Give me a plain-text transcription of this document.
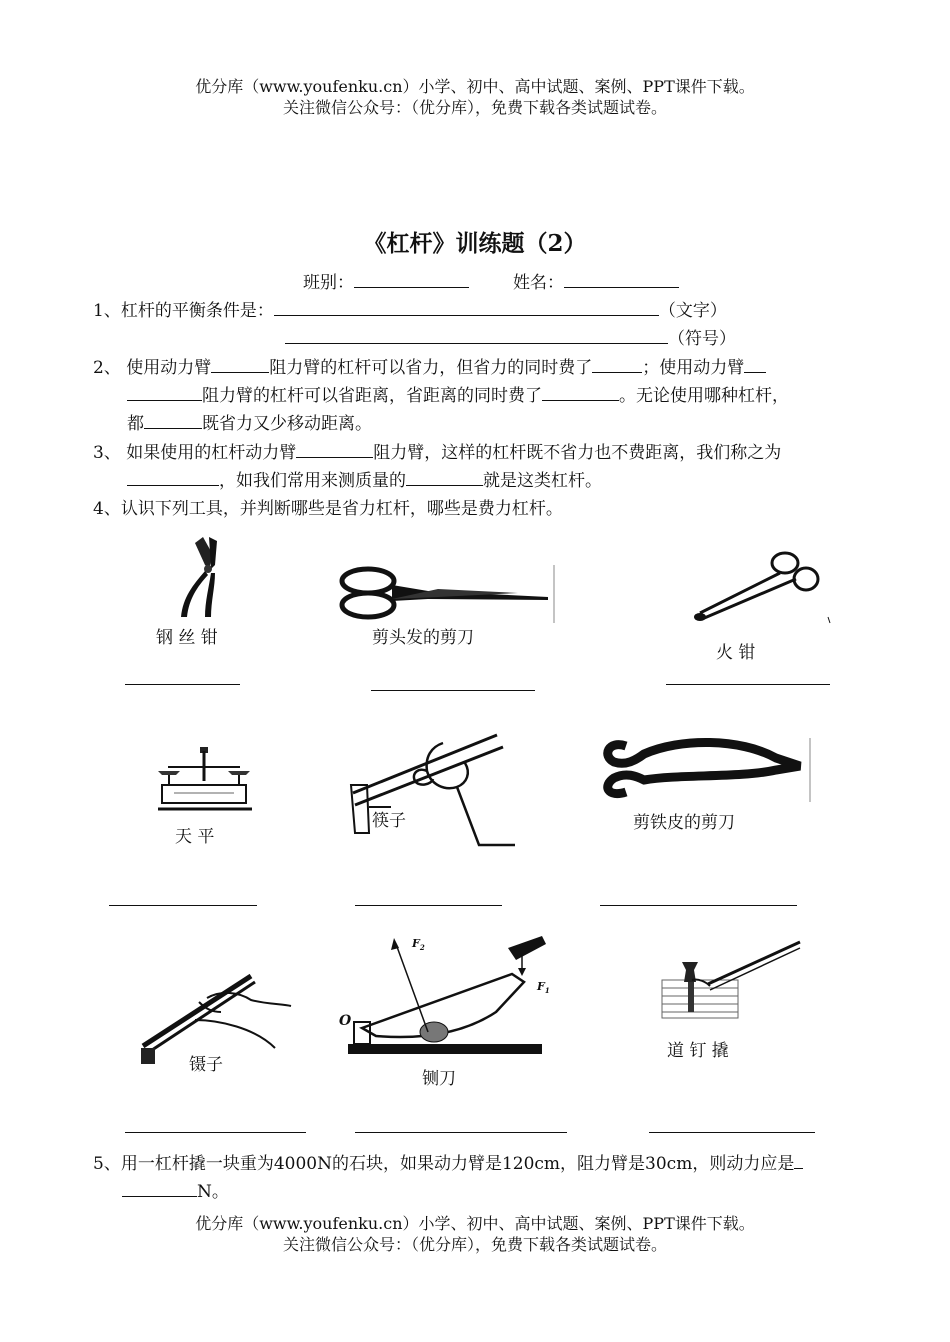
优分库（www.youfenku.cn）小学、初中、高中试题、案例、PPT课件下载。
关注微信公众号：（优分库），免费下载各类试题试卷。
《杠杆》训练题（2）
班别：	姓名：
1、杠杆的平衡条件是：	（文字）
（符号）
2、 使用动力臂	阻力臂的杠杆可以省力，但省力的同时费了	；使用动力臂
阻力臂的杠杆可以省距离，省距离的同时费了	。无论使用哪种杠杆，
都	既省力又少移动距离。
3、 如果使用的杠杆动力臂	阻力臂，这样的杠杆既不省力也不费距离，我们称之为
，如我们常用来测质量的	就是这类杠杆。
4、认识下列工具，并判断哪些是省力杠杆，哪些是费力杠杆。
钢 丝 钳	剪头发的剪刀
火 钳
天 平
筷子	剪铁皮的剪刀
镊子
$F_2$
$F_1$
O
铡刀
道 钉 撬
5、用一杠杆撬一块重为4000N的石块，如果动力臂是120cm，阻力臂是30cm，则动力应是
N。
优分库（www.youfenku.cn）小学、初中、高中试题、案例、PPT课件下载。
关注微信公众号：（优分库），免费下载各类试题试卷。
